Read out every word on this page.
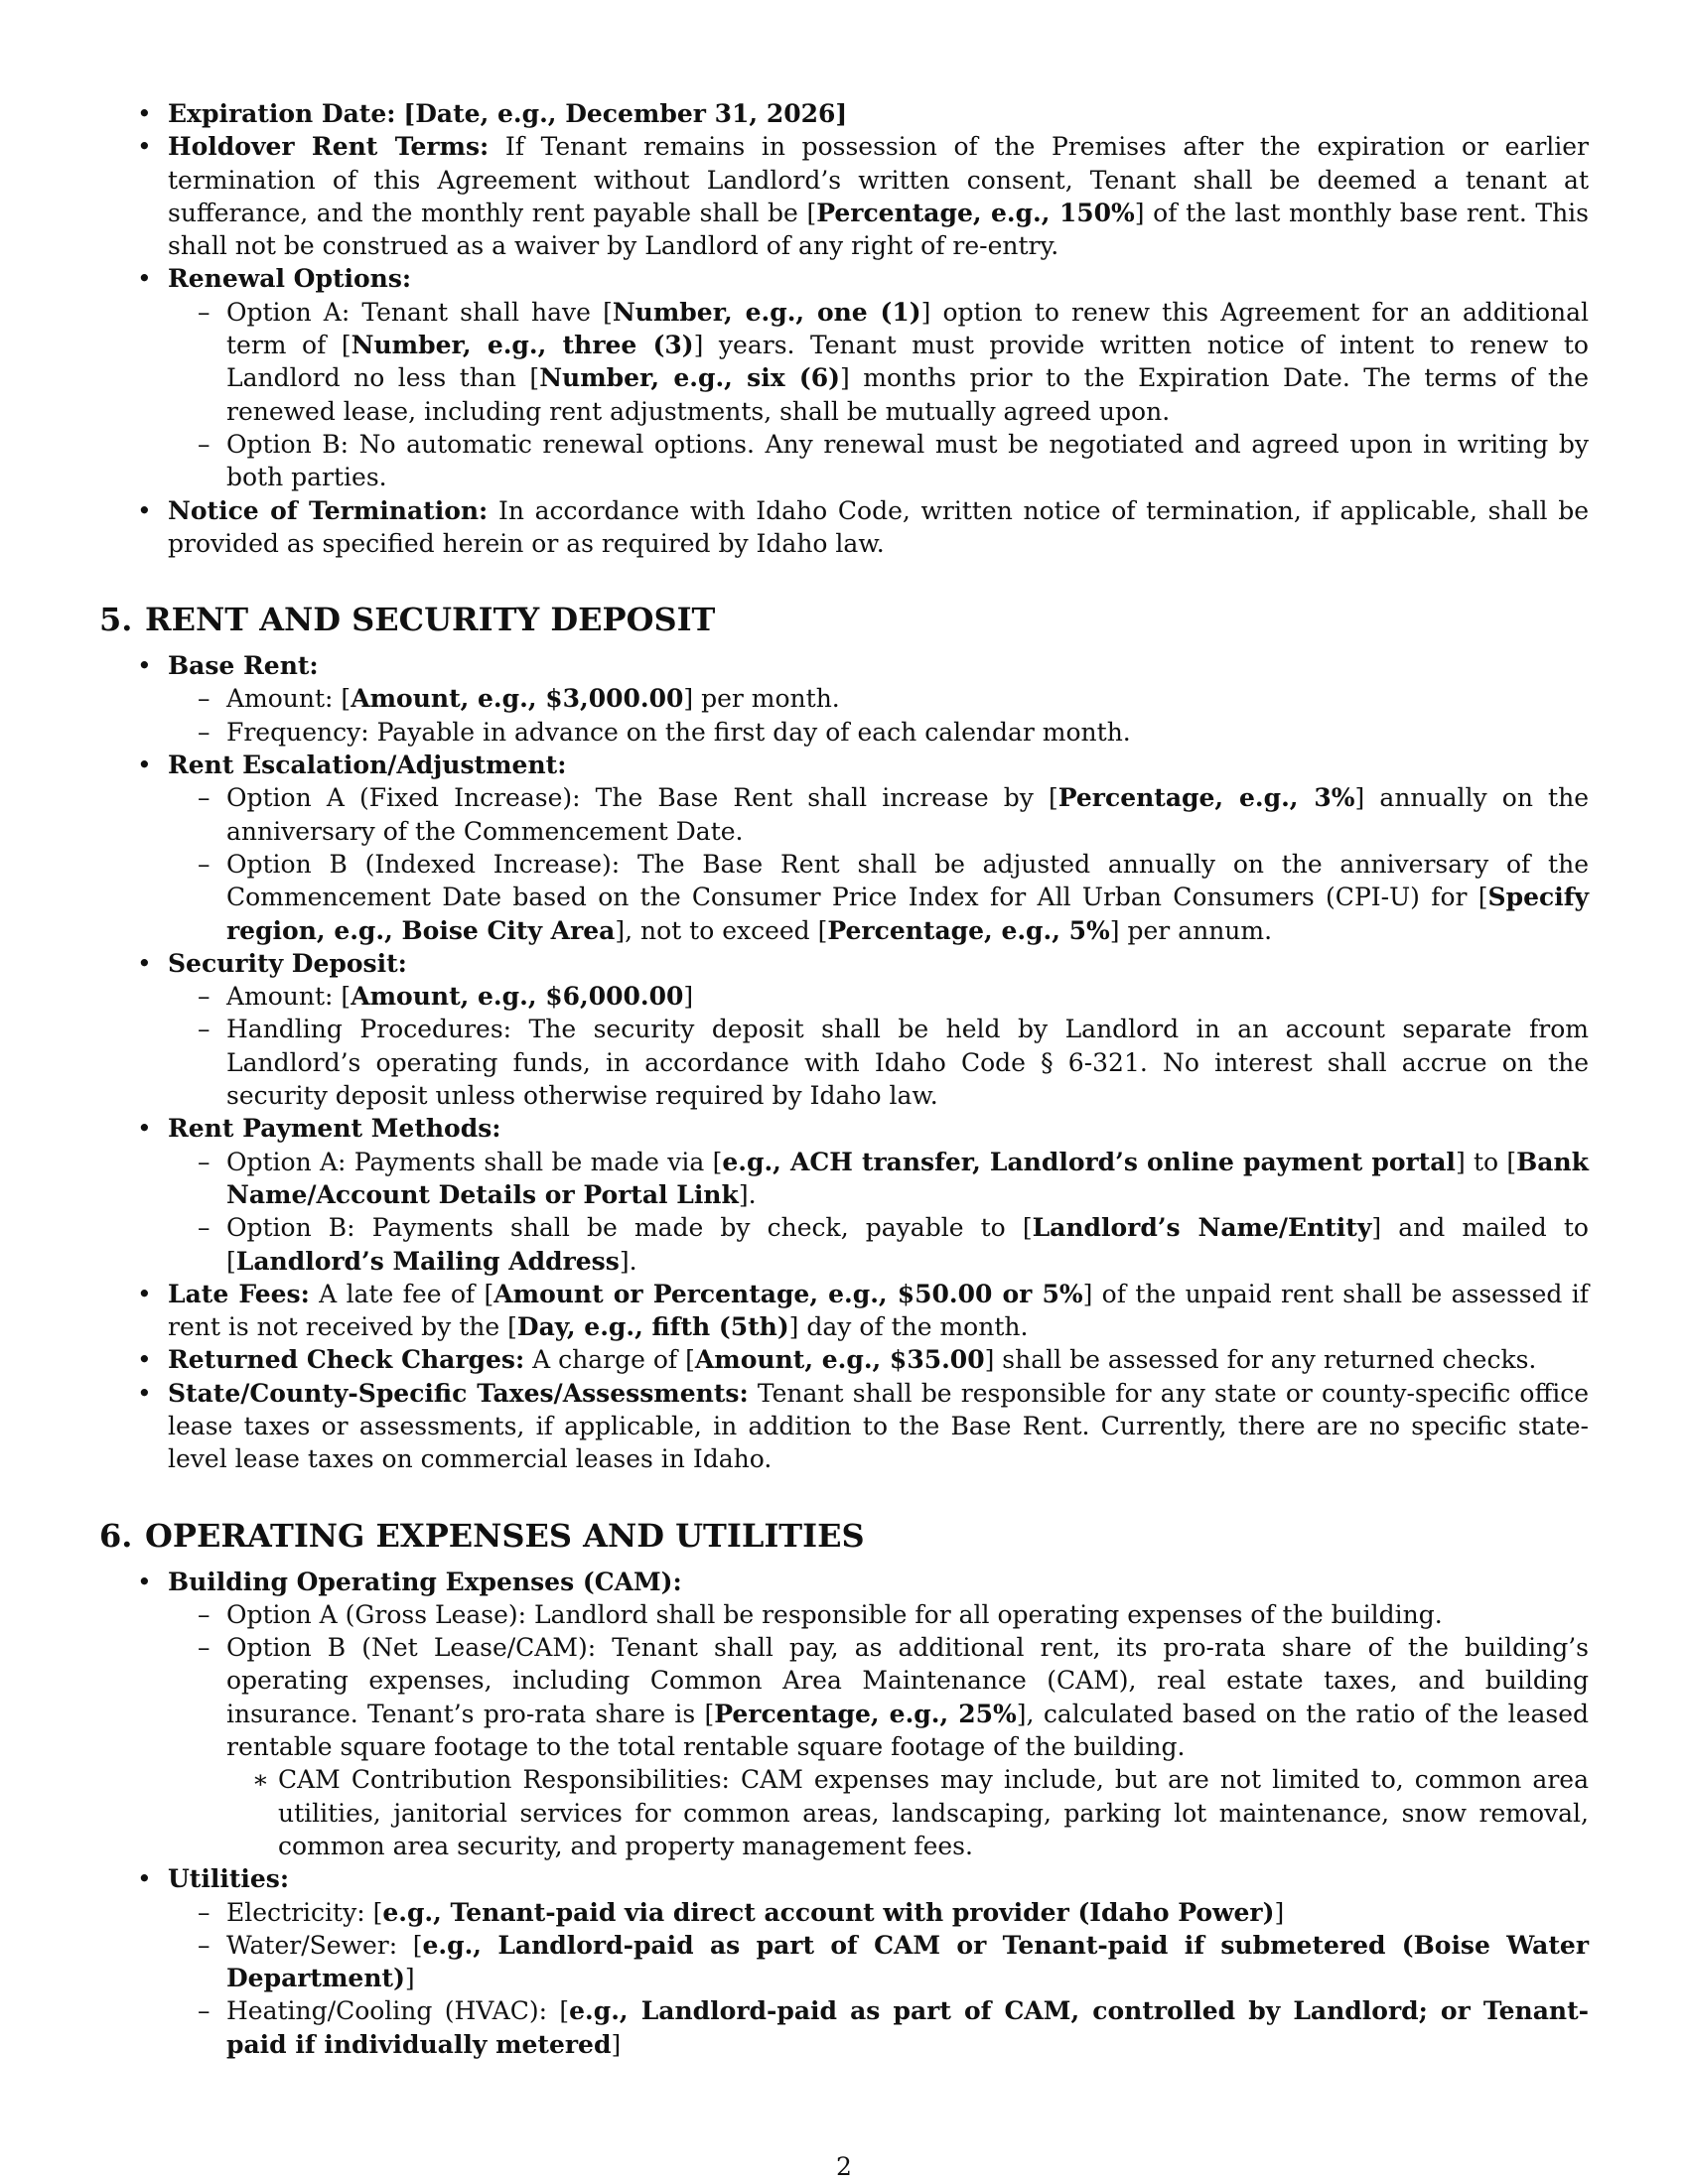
• Expiration Date: [Date, e.g., December 31, 2026]
• Holdover Rent Terms: If Tenant remains in possession of the Premises after the expiration or earlier termination of this Agreement without Landlord’s written consent, Tenant shall be deemed a tenant at sufferance, and the monthly rent payable shall be [Percentage, e.g., 150%] of the last monthly base rent. This shall not be construed as a waiver by Landlord of any right of re-entry.
• Renewal Options:
– Option A: Tenant shall have [Number, e.g., one (1)] option to renew this Agreement for an additional term of [Number, e.g., three (3)] years. Tenant must provide written notice of intent to renew to Landlord no less than [Number, e.g., six (6)] months prior to the Expiration Date. The terms of the renewed lease, including rent adjustments, shall be mutually agreed upon.
– Option B: No automatic renewal options. Any renewal must be negotiated and agreed upon in writing by both parties.
• Notice of Termination: In accordance with Idaho Code, written notice of termination, if applicable, shall be provided as specified herein or as required by Idaho law.
5. RENT AND SECURITY DEPOSIT
• Base Rent:
– Amount: [Amount, e.g., $3,000.00] per month.
– Frequency: Payable in advance on the first day of each calendar month.
• Rent Escalation/Adjustment:
– Option A (Fixed Increase): The Base Rent shall increase by [Percentage, e.g., 3%] annually on the anniversary of the Commencement Date.
– Option B (Indexed Increase): The Base Rent shall be adjusted annually on the anniversary of the Commencement Date based on the Consumer Price Index for All Urban Consumers (CPI-U) for [Specify region, e.g., Boise City Area], not to exceed [Percentage, e.g., 5%] per annum.
• Security Deposit:
– Amount: [Amount, e.g., $6,000.00]
– Handling Procedures: The security deposit shall be held by Landlord in an account separate from Landlord’s operating funds, in accordance with Idaho Code § 6-321. No interest shall accrue on the security deposit unless otherwise required by Idaho law.
• Rent Payment Methods:
– Option A: Payments shall be made via [e.g., ACH transfer, Landlord’s online payment portal] to [Bank Name/Account Details or Portal Link].
– Option B: Payments shall be made by check, payable to [Landlord’s Name/Entity] and mailed to [Landlord’s Mailing Address].
• Late Fees: A late fee of [Amount or Percentage, e.g., $50.00 or 5%] of the unpaid rent shall be assessed if rent is not received by the [Day, e.g., fifth (5th)] day of the month.
• Returned Check Charges: A charge of [Amount, e.g., $35.00] shall be assessed for any returned checks.
• State/County-Specific Taxes/Assessments: Tenant shall be responsible for any state or county-specific office lease taxes or assessments, if applicable, in addition to the Base Rent. Currently, there are no specific state-level lease taxes on commercial leases in Idaho.
6. OPERATING EXPENSES AND UTILITIES
• Building Operating Expenses (CAM):
– Option A (Gross Lease): Landlord shall be responsible for all operating expenses of the building.
– Option B (Net Lease/CAM): Tenant shall pay, as additional rent, its pro-rata share of the building’s operating expenses, including Common Area Maintenance (CAM), real estate taxes, and building insurance. Tenant’s pro-rata share is [Percentage, e.g., 25%], calculated based on the ratio of the leased rentable square footage to the total rentable square footage of the building.
∗ CAM Contribution Responsibilities: CAM expenses may include, but are not limited to, common area utilities, janitorial services for common areas, landscaping, parking lot maintenance, snow removal, common area security, and property management fees.
• Utilities:
– Electricity: [e.g., Tenant-paid via direct account with provider (Idaho Power)]
– Water/Sewer: [e.g., Landlord-paid as part of CAM or Tenant-paid if submetered (Boise Water Department)]
– Heating/Cooling (HVAC): [e.g., Landlord-paid as part of CAM, controlled by Landlord; or Tenant-paid if individually metered]
2
